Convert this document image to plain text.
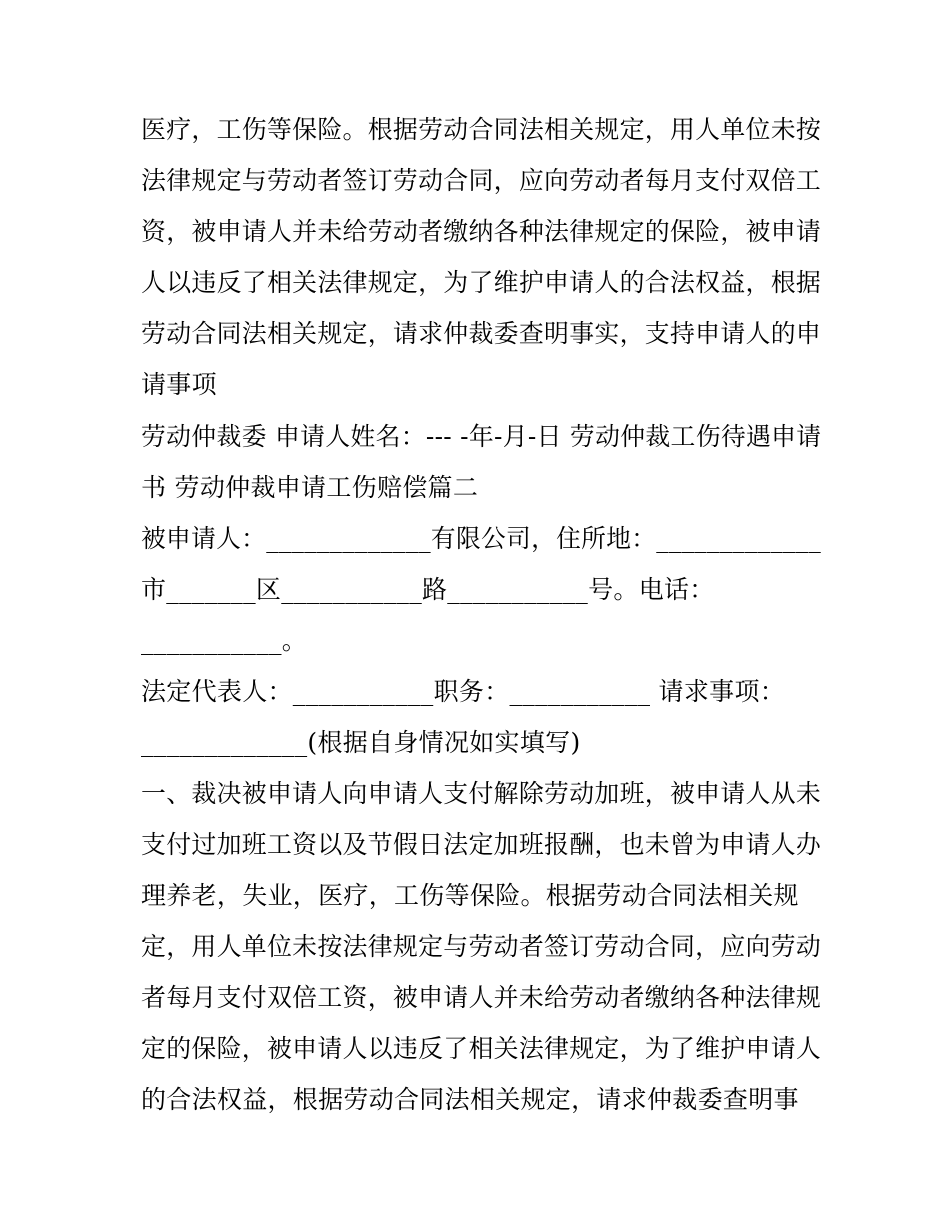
医疗，工伤等保险。根据劳动合同法相关规定，用人单位未按
法律规定与劳动者签订劳动合同，应向劳动者每月支付双倍工
资，被申请人并未给劳动者缴纳各种法律规定的保险，被申请
人以违反了相关法律规定，为了维护申请人的合法权益，根据
劳动合同法相关规定，请求仲裁委查明事实，支持申请人的申
请事项
劳动仲裁委 申请人姓名：--- -年-月-日 劳动仲裁工伤待遇申请
书 劳动仲裁申请工伤赔偿篇二
被申请人：_____________有限公司，住所地：_____________
市_______区___________路___________号。电话：
___________。
法定代表人：___________职务：___________ 请求事项：
_____________(根据自身情况如实填写)
一、裁决被申请人向申请人支付解除劳动加班，被申请人从未
支付过加班工资以及节假日法定加班报酬，也未曾为申请人办
理养老，失业，医疗，工伤等保险。根据劳动合同法相关规
定，用人单位未按法律规定与劳动者签订劳动合同，应向劳动
者每月支付双倍工资，被申请人并未给劳动者缴纳各种法律规
定的保险，被申请人以违反了相关法律规定，为了维护申请人
的合法权益，根据劳动合同法相关规定，请求仲裁委查明事
